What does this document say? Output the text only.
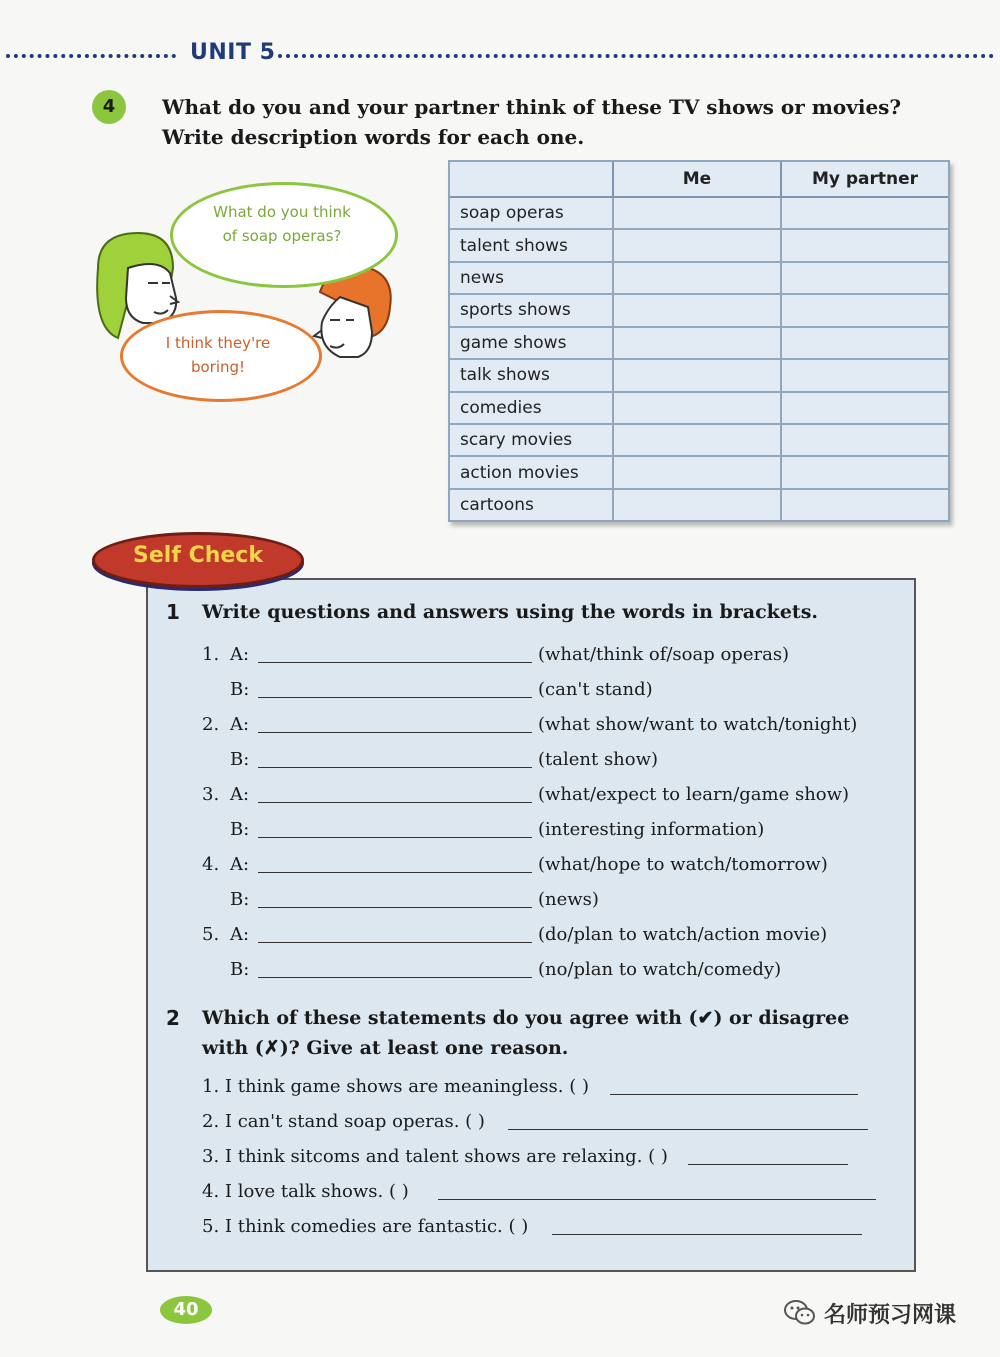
UNIT 5
4	What do you and your partner think of these TV shows or movies?
Write description words for each one.
What do you think
of soap operas?
I think they're
boring!
	Me	My partner
soap operas		
talent shows		
news		
sports shows		
game shows		
talk shows		
comedies		
scary movies		
action movies		
cartoons		
1 Write questions and answers using the words in brackets.
1. A:	(what/think of/soap operas)
B:	(can't stand)
2. A:	(what show/want to watch/tonight)
B:	(talent show)
3. A:	(what/expect to learn/game show)
B:	(interesting information)
4. A:	(what/hope to watch/tomorrow)
B:	(news)
5. A:	(do/plan to watch/action movie)
B:	(no/plan to watch/comedy)
2 Which of these statements do you agree with (✔) or disagree
with (✗)? Give at least one reason.
1. I think game shows are meaningless. ( )
2. I can't stand soap operas. ( )
3. I think sitcoms and talent shows are relaxing. ( )
4. I love talk shows. ( )
5. I think comedies are fantastic. ( )
Self Check
40	名师预习网课
